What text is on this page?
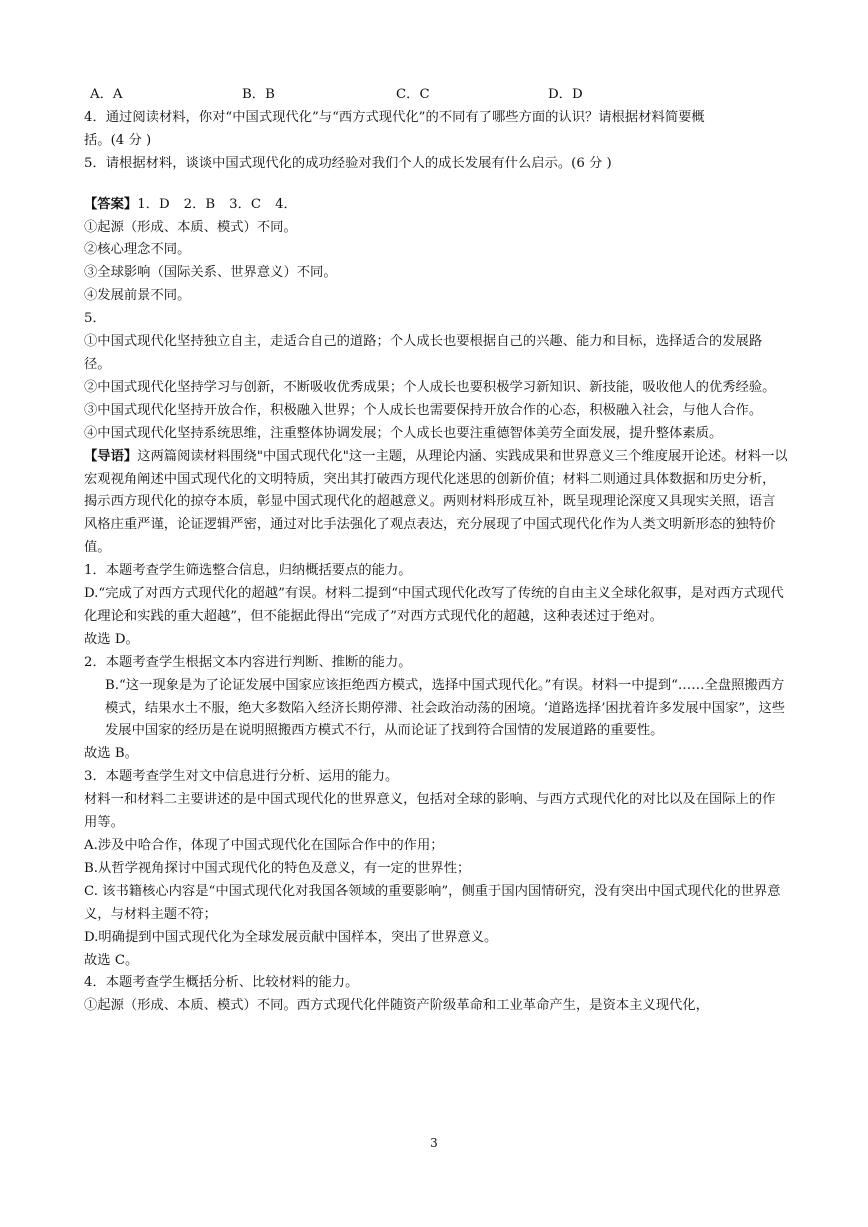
A．A	B．B	C．C	D．D
4．通过阅读材料，你对“中国式现代化”与“西方式现代化”的不同有了哪些方面的认识？请根据材料简要概
括。(4 分 )
5．请根据材料，谈谈中国式现代化的成功经验对我们个人的成长发展有什么启示。(6 分 )
【答案】1．D 2．B 3．C 4．
①起源（形成、本质、模式）不同。
②核心理念不同。
③全球影响（国际关系、世界意义）不同。
④发展前景不同。
5．
①中国式现代化坚持独立自主，走适合自己的道路；个人成长也要根据自己的兴趣、能力和目标，选择适合的发展路径。
②中国式现代化坚持学习与创新，不断吸收优秀成果；个人成长也要积极学习新知识、新技能，吸收他人的优秀经验。
③中国式现代化坚持开放合作，积极融入世界；个人成长也需要保持开放合作的心态，积极融入社会，与他人合作。
④中国式现代化坚持系统思维，注重整体协调发展；个人成长也要注重德智体美劳全面发展，提升整体素质。
【导语】这两篇阅读材料围绕"中国式现代化"这一主题，从理论内涵、实践成果和世界意义三个维度展开论述。材料一以宏观视角阐述中国式现代化的文明特质，突出其打破西方现代化迷思的创新价值；材料二则通过具体数据和历史分析，揭示西方现代化的掠夺本质，彰显中国式现代化的超越意义。两则材料形成互补，既呈现理论深度又具现实关照，语言风格庄重严谨，论证逻辑严密，通过对比手法强化了观点表达，充分展现了中国式现代化作为人类文明新形态的独特价值。
1．本题考查学生筛选整合信息，归纳概括要点的能力。
D.“完成了对西方式现代化的超越”有误。材料二提到“中国式现代化改写了传统的自由主义全球化叙事，是对西方式现代化理论和实践的重大超越”，但不能据此得出“完成了”对西方式现代化的超越，这种表述过于绝对。
故选 D。
2．本题考查学生根据文本内容进行判断、推断的能力。
B.“这一现象是为了论证发展中国家应该拒绝西方模式，选择中国式现代化。”有误。材料一中提到“……全盘照搬西方模式，结果水土不服，绝大多数陷入经济长期停滞、社会政治动荡的困境。‘道路选择’困扰着许多发展中国家”，这些发展中国家的经历是在说明照搬西方模式不行，从而论证了找到符合国情的发展道路的重要性。
故选 B。
3．本题考查学生对文中信息进行分析、运用的能力。
材料一和材料二主要讲述的是中国式现代化的世界意义，包括对全球的影响、与西方式现代化的对比以及在国际上的作用等。
A.涉及中哈合作，体现了中国式现代化在国际合作中的作用；
B.从哲学视角探讨中国式现代化的特色及意义，有一定的世界性；
C. 该书籍核心内容是“中国式现代化对我国各领域的重要影响”，侧重于国内国情研究，没有突出中国式现代化的世界意义，与材料主题不符；
D.明确提到中国式现代化为全球发展贡献中国样本，突出了世界意义。
故选 C。
4．本题考查学生概括分析、比较材料的能力。
①起源（形成、本质、模式）不同。西方式现代化伴随资产阶级革命和工业革命产生，是资本主义现代化，
3
